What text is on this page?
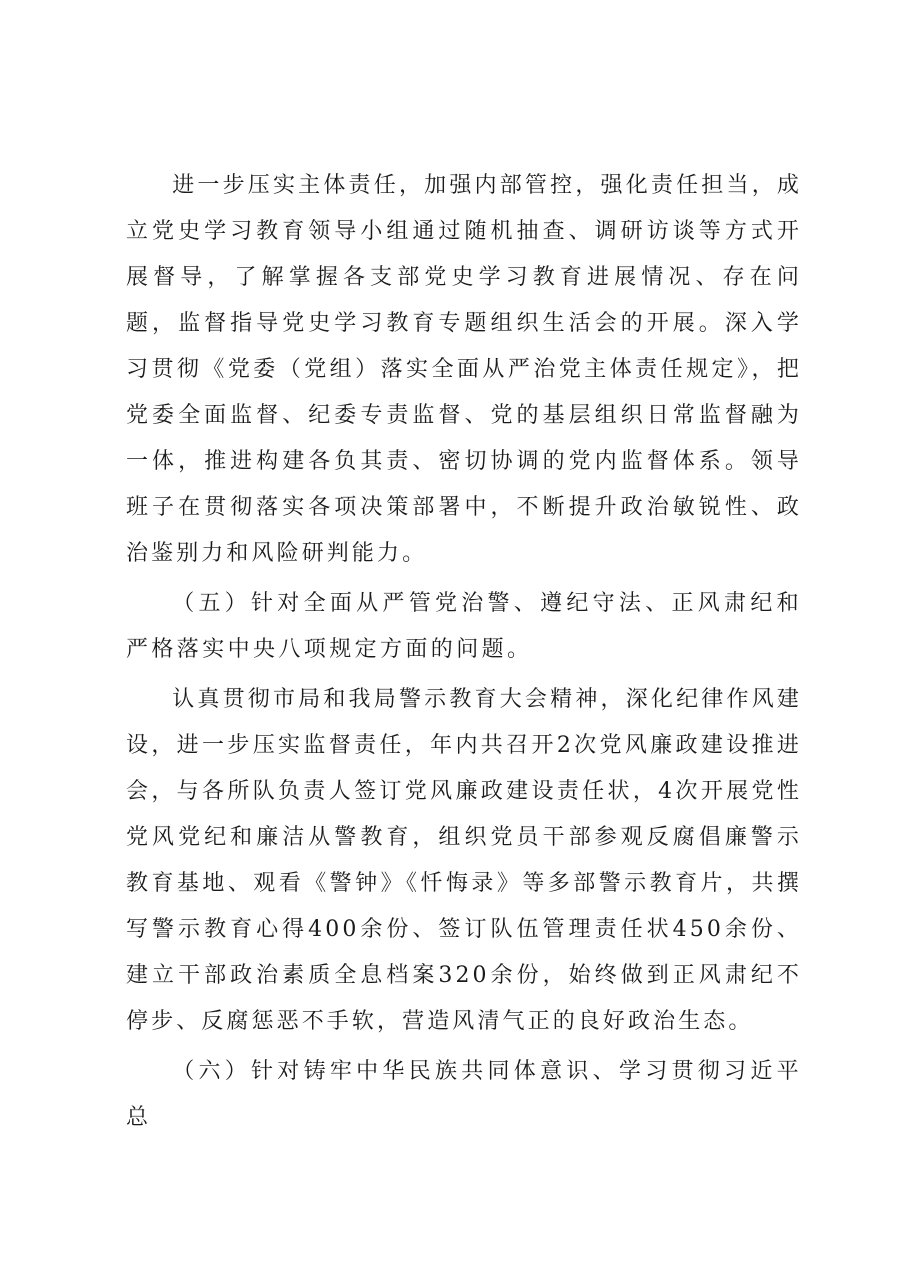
进一步压实主体责任，加强内部管控，强化责任担当，成立党史学习教育领导小组通过随机抽查、调研访谈等方式开展督导，了解掌握各支部党史学习教育进展情况、存在问题，监督指导党史学习教育专题组织生活会的开展。深入学习贯彻《党委（党组）落实全面从严治党主体责任规定》，把党委全面监督、纪委专责监督、党的基层组织日常监督融为一体，推进构建各负其责、密切协调的党内监督体系。领导班子在贯彻落实各项决策部署中，不断提升政治敏锐性、政治鉴别力和风险研判能力。

（五）针对全面从严管党治警、遵纪守法、正风肃纪和严格落实中央八项规定方面的问题。

认真贯彻市局和我局警示教育大会精神，深化纪律作风建设，进一步压实监督责任，年内共召开2次党风廉政建设推进会，与各所队负责人签订党风廉政建设责任状，4次开展党性党风党纪和廉洁从警教育，组织党员干部参观反腐倡廉警示教育基地、观看《警钟》《忏悔录》等多部警示教育片，共撰写警示教育心得400余份、签订队伍管理责任状450余份、建立干部政治素质全息档案320余份，始终做到正风肃纪不停步、反腐惩恶不手软，营造风清气正的良好政治生态。

（六）针对铸牢中华民族共同体意识、学习贯彻习近平总
